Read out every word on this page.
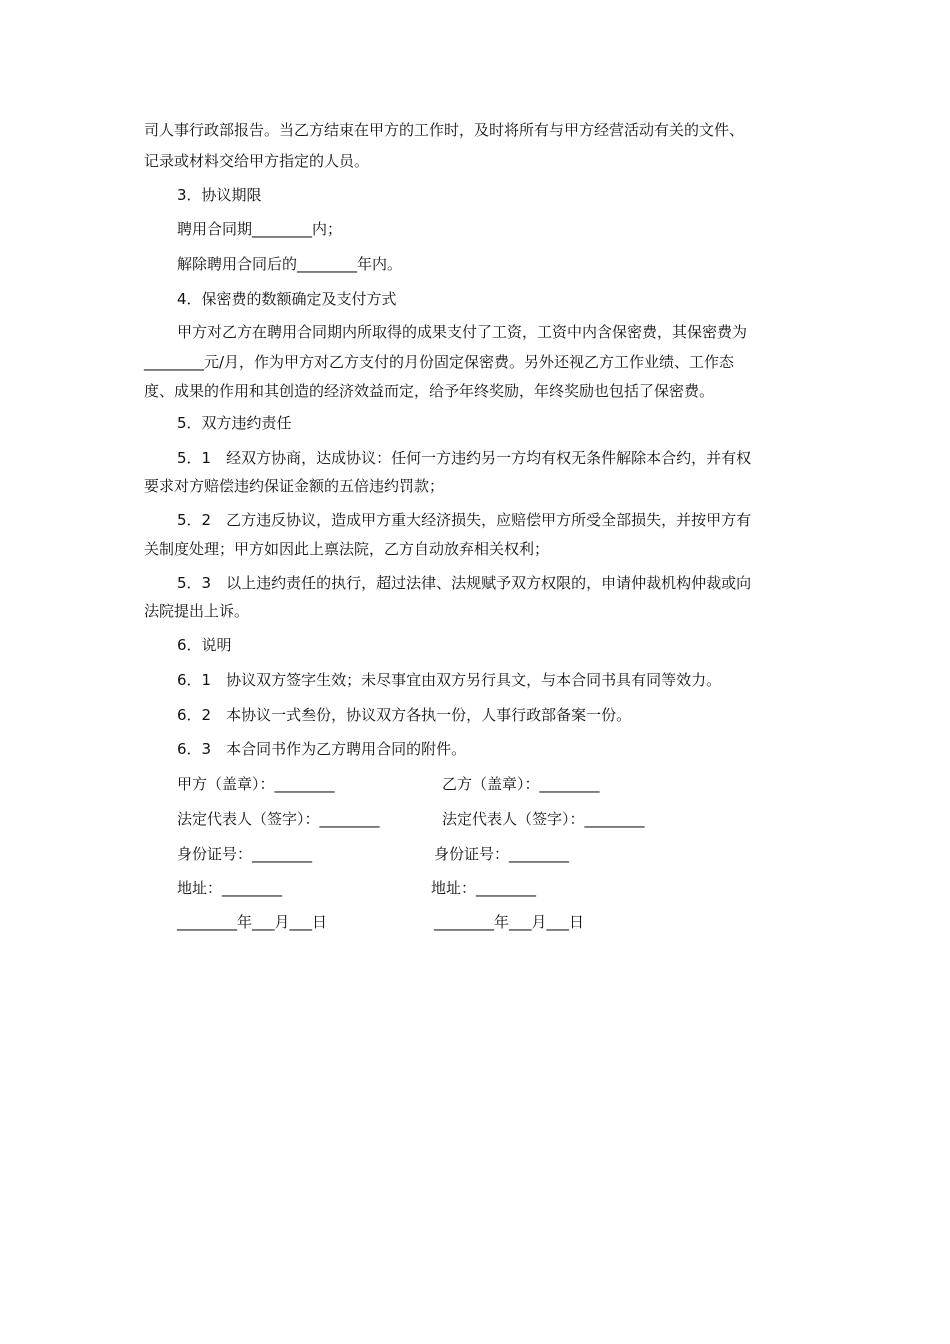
司人事行政部报告。当乙方结束在甲方的工作时，及时将所有与甲方经营活动有关的文件、
记录或材料交给甲方指定的人员。
3．协议期限
聘用合同期________内；
解除聘用合同后的________年内。
4．保密费的数额确定及支付方式
甲方对乙方在聘用合同期内所取得的成果支付了工资，工资中内含保密费，其保密费为
________元/月，作为甲方对乙方支付的月份固定保密费。另外还视乙方工作业绩、工作态
度、成果的作用和其创造的经济效益而定，给予年终奖励，年终奖励也包括了保密费。
5．双方违约责任
5．1　经双方协商，达成协议：任何一方违约另一方均有权无条件解除本合约，并有权
要求对方赔偿违约保证金额的五倍违约罚款；
5．2　乙方违反协议，造成甲方重大经济损失，应赔偿甲方所受全部损失，并按甲方有
关制度处理；甲方如因此上禀法院，乙方自动放弃相关权利；
5．3　以上违约责任的执行，超过法律、法规赋予双方权限的，申请仲裁机构仲裁或向
法院提出上诉。
6．说明
6．1　协议双方签字生效；未尽事宜由双方另行具文，与本合同书具有同等效力。
6．2　本协议一式叁份，协议双方各执一份，人事行政部备案一份。
6．3　本合同书作为乙方聘用合同的附件。
甲方（盖章）：________	乙方（盖章）：________
法定代表人（签字）：________	法定代表人（签字）：________
身份证号：________	身份证号：________
地址：________	地址：________
________年___月___日	________年___月___日
